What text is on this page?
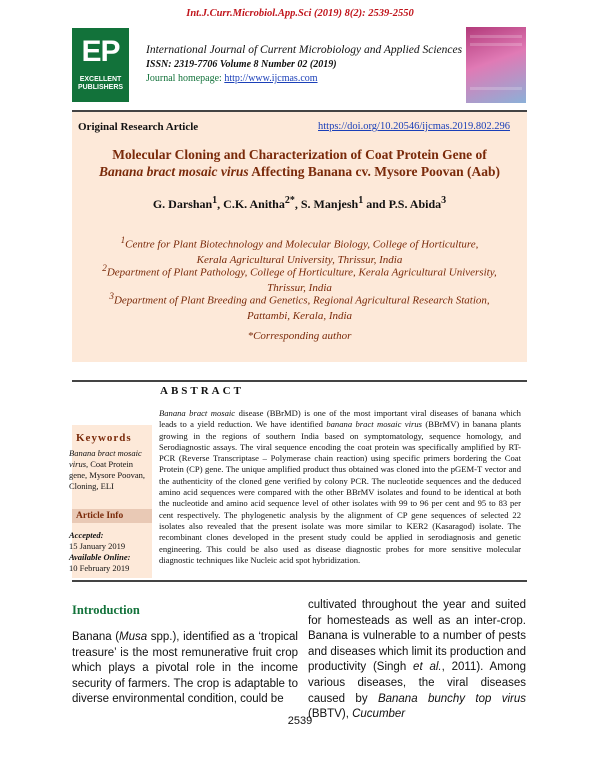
Int.J.Curr.Microbiol.App.Sci (2019) 8(2): 2539-2550
EP
EXCELLENT
PUBLISHERS
International Journal of Current Microbiology and Applied Sciences
ISSN: 2319-7706 Volume 8 Number 02 (2019)
Journal homepage: http://www.ijcmas.com
Original Research Article	https://doi.org/10.20546/ijcmas.2019.802.296
Molecular Cloning and Characterization of Coat Protein Gene of
Banana bract mosaic virus Affecting Banana cv. Mysore Poovan (Aab)
G. Darshan$^1$, C.K. Anitha$^{2*}$, S. Manjesh$^1$ and P.S. Abida$^3$
$^1$Centre for Plant Biotechnology and Molecular Biology, College of Horticulture,
Kerala Agricultural University, Thrissur, India
$^2$Department of Plant Pathology, College of Horticulture, Kerala Agricultural University,
Thrissur, India
$^3$Department of Plant Breeding and Genetics, Regional Agricultural Research Station,
Pattambi, Kerala, India
*Corresponding author
ABSTRACT
Keywords
Banana bract mosaic virus, Coat Protein gene, Mysore Poovan, Cloning, ELI
Article Info
Accepted:
15 January 2019
Available Online:
10 February 2019
Banana bract mosaic disease (BBrMD) is one of the most important viral diseases of banana which leads to a yield reduction. We have identified banana bract mosaic virus (BBrMV) in banana plants growing in the regions of southern India based on symptomatology, sequence homology, and Serodiagnostic assays. The viral sequence encoding the coat protein was specifically amplified by RT-PCR (Reverse Transcriptase – Polymerase chain reaction) using specific primers bordering the Coat Protein (CP) gene. The unique amplified product thus obtained was cloned into the pGEM-T vector and the authenticity of the cloned gene verified by colony PCR. The nucleotide sequences and the deduced amino acid sequences were compared with the other BBrMV isolates and found to be identical at both the nucleotide and amino acid sequence level of other isolates with 99 to 96 per cent and 95 to 83 per cent respectively. The phylogenetic analysis by the alignment of CP gene sequences of selected 22 isolates also revealed that the present isolate was more similar to KER2 (Kasaragod) isolate. The recombinant clones developed in the present study could be applied in serodiagnosis and genetic engineering. This could be also used as disease diagnostic probes for more sensitive molecular diagnostic techniques like Nucleic acid spot hybridization.
Introduction
Banana (Musa spp.), identified as a ‘tropical treasure’ is the most remunerative fruit crop which plays a pivotal role in the income security of farmers. The crop is adaptable to diverse environmental condition, could be
cultivated throughout the year and suited for homesteads as well as an inter-crop. Banana is vulnerable to a number of pests and diseases which limit its production and productivity (Singh et al., 2011). Among various diseases, the viral diseases caused by Banana bunchy top virus (BBTV), Cucumber
2539
